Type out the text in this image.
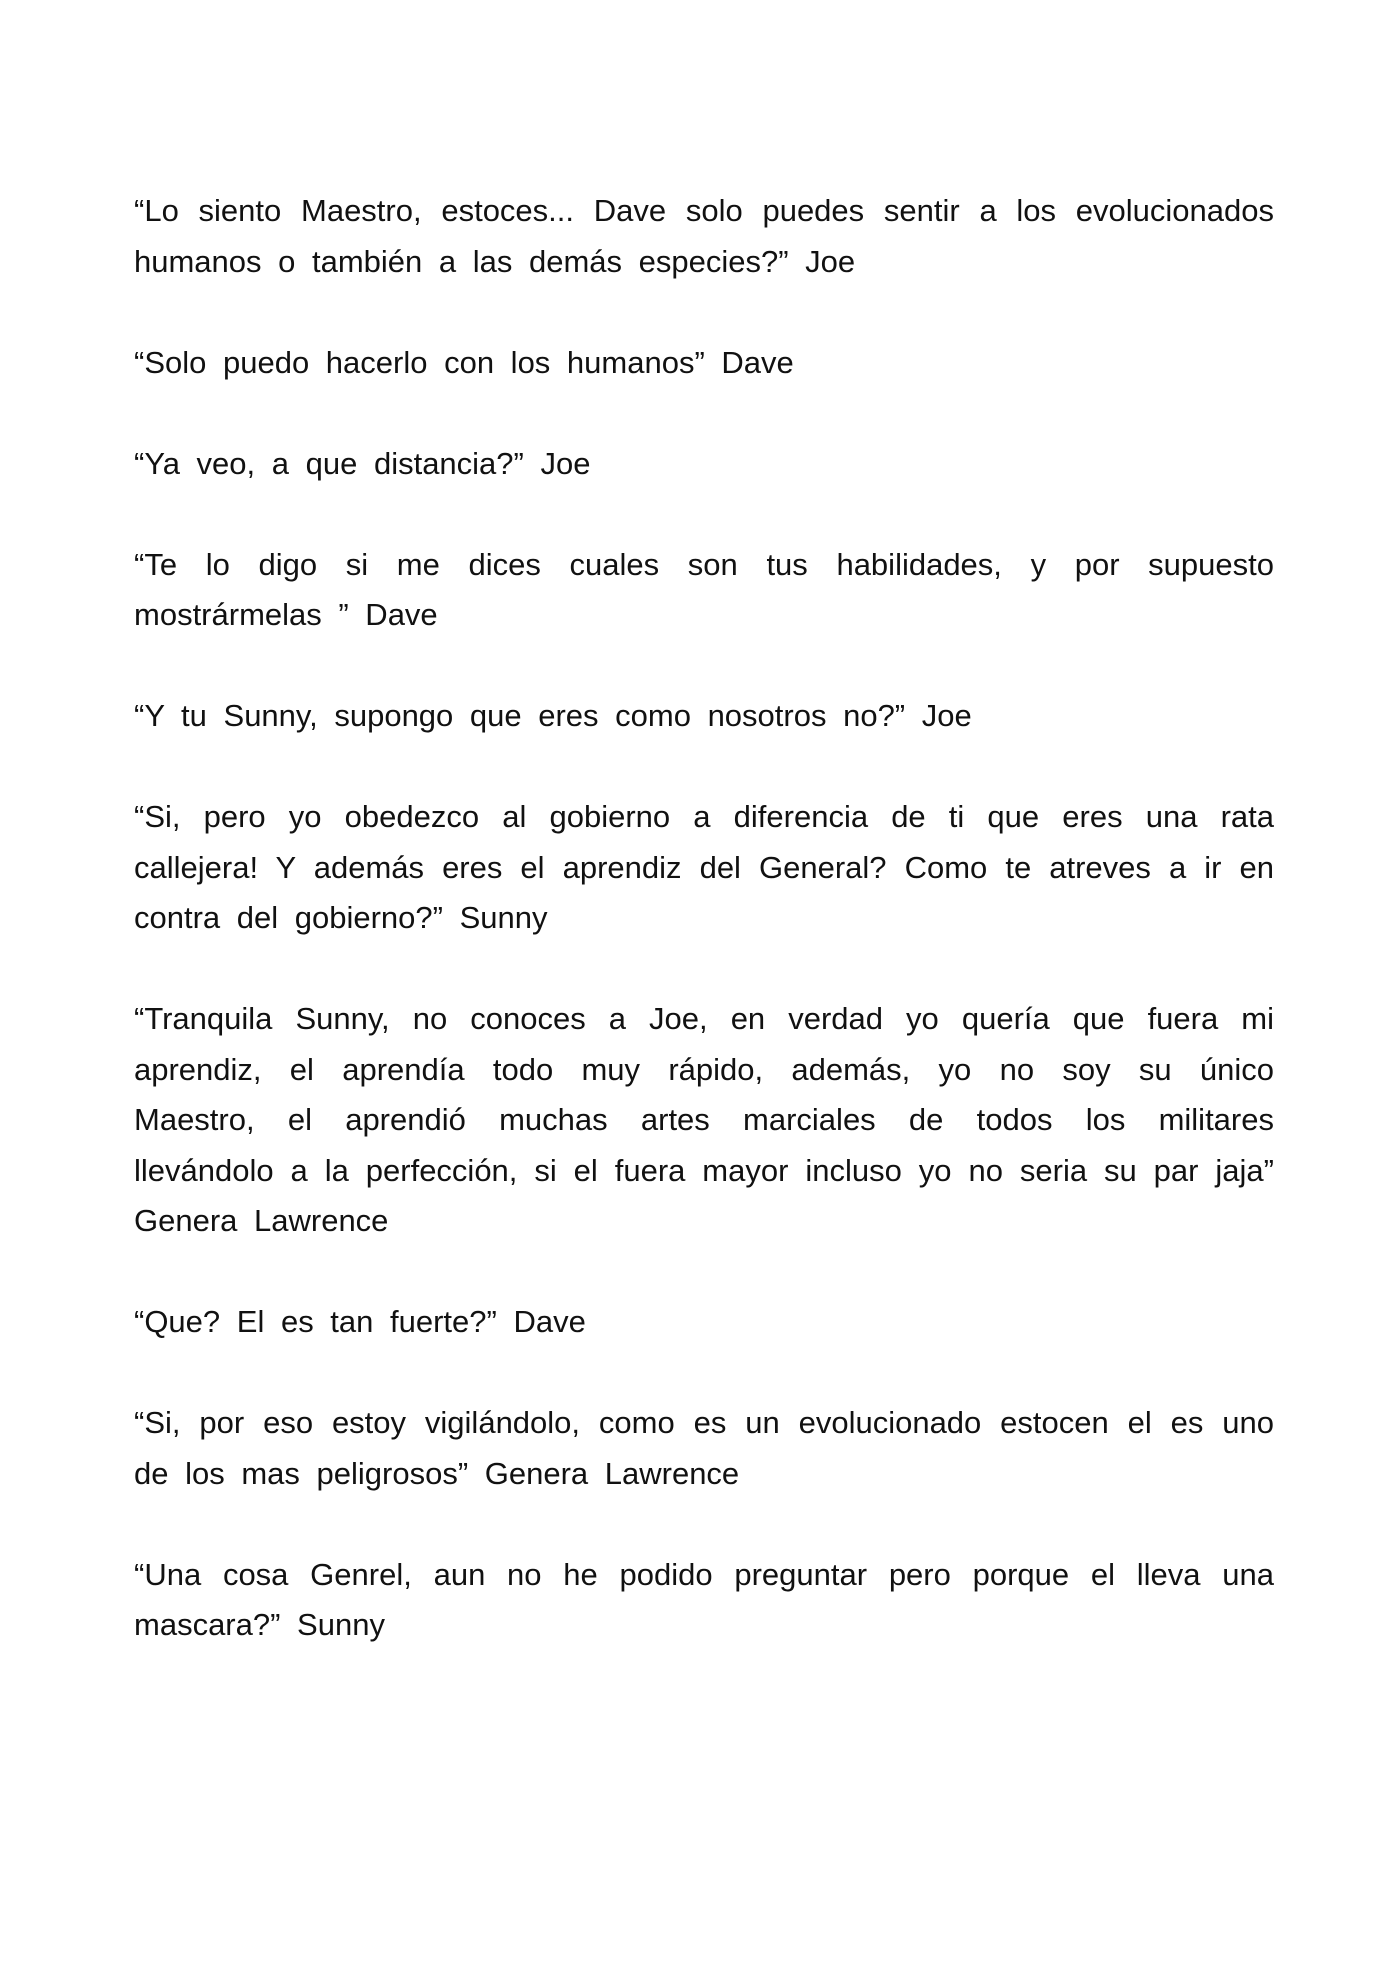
“Lo siento Maestro, estoces... Dave solo puedes sentir a los evolucionados humanos o también a las demás especies?” Joe

“Solo puedo hacerlo con los humanos” Dave

“Ya veo, a que distancia?” Joe

“Te lo digo si me dices cuales son tus habilidades, y por supuesto mostrármelas ” Dave

“Y tu Sunny, supongo que eres como nosotros no?” Joe

“Si, pero yo obedezco al gobierno a diferencia de ti que eres una rata callejera! Y además eres el aprendiz del General? Como te atreves a ir en contra del gobierno?” Sunny

“Tranquila Sunny, no conoces a Joe, en verdad yo quería que fuera mi aprendiz, el aprendía todo muy rápido, además, yo no soy su único Maestro, el aprendió muchas artes marciales de todos los militares llevándolo a la perfección, si el fuera mayor incluso yo no seria su par jaja” Genera Lawrence

“Que? El es tan fuerte?” Dave

“Si, por eso estoy vigilándolo, como es un evolucionado estocen el es uno de los mas peligrosos” Genera Lawrence

“Una cosa Genrel, aun no he podido preguntar pero porque el lleva una mascara?” Sunny
